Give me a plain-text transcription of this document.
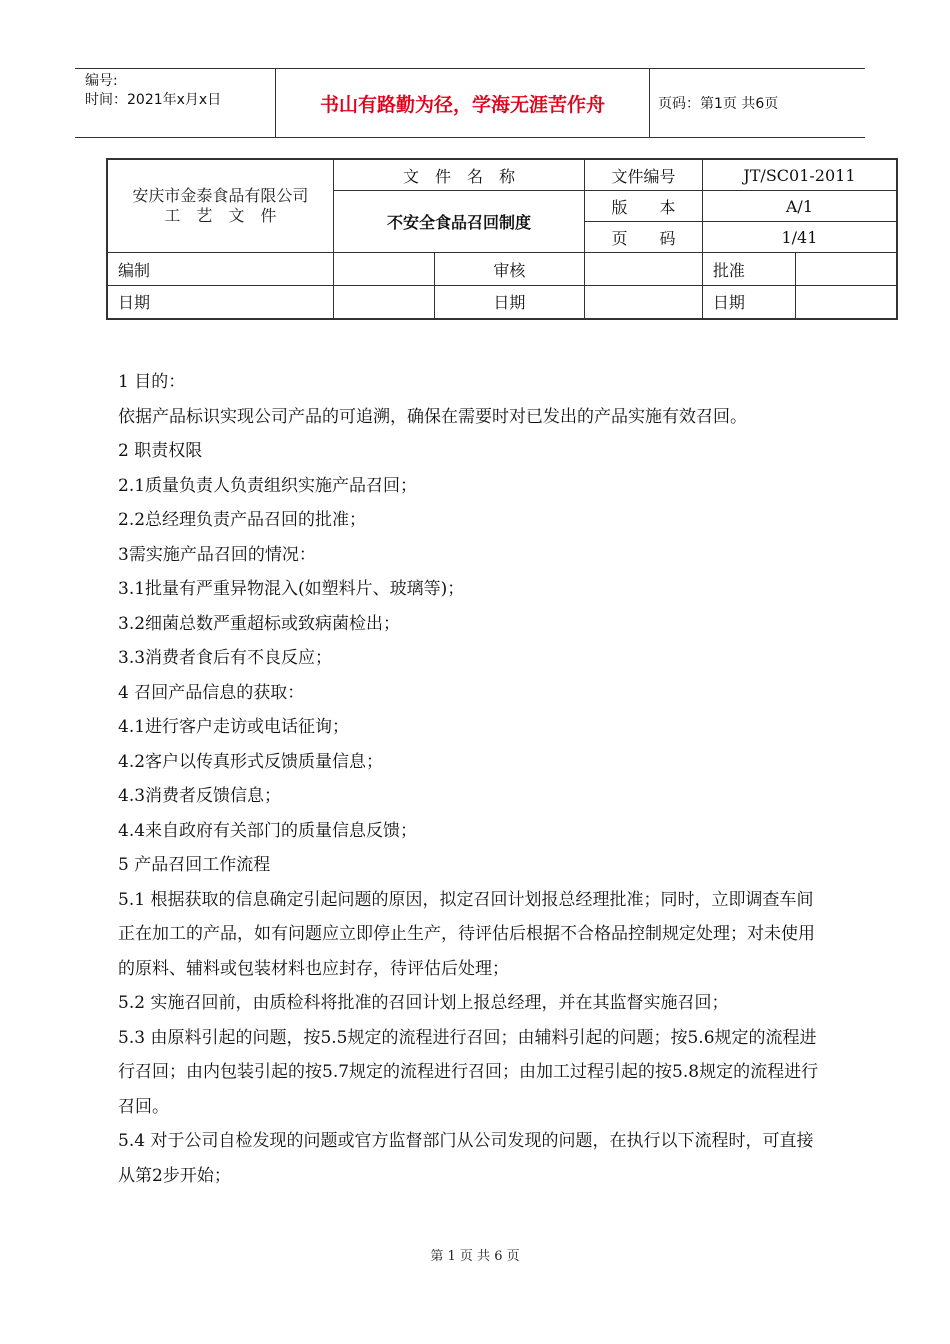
编号:
时间：2021年x月x日	书山有路勤为径，学海无涯苦作舟	页码：第1页 共6页
安庆市金泰食品有限公司
工　艺　文　件	文　件　名　称		文件编号	JT/SC01-2011	
	不安全食品召回制度		版　　本	A/1	
			页　　码	1/41	
编制		审核		批准	
日期		日期		日期	

1 目的：

依据产品标识实现公司产品的可追溯，确保在需要时对已发出的产品实施有效召回。

2 职责权限

2.1质量负责人负责组织实施产品召回；

2.2总经理负责产品召回的批准；

3需实施产品召回的情况：

3.1批量有严重异物混入(如塑料片、玻璃等)；

3.2细菌总数严重超标或致病菌检出；

3.3消费者食后有不良反应；

4 召回产品信息的获取：

4.1进行客户走访或电话征询；

4.2客户以传真形式反馈质量信息；

4.3消费者反馈信息；

4.4来自政府有关部门的质量信息反馈；

5 产品召回工作流程

5.1 根据获取的信息确定引起问题的原因，拟定召回计划报总经理批准；同时，立即调查车间正在加工的产品，如有问题应立即停止生产，待评估后根据不合格品控制规定处理；对未使用的原料、辅料或包装材料也应封存，待评估后处理；

5.2 实施召回前，由质检科将批准的召回计划上报总经理，并在其监督实施召回；

5.3 由原料引起的问题，按5.5规定的流程进行召回；由辅料引起的问题；按5.6规定的流程进行召回；由内包装引起的按5.7规定的流程进行召回；由加工过程引起的按5.8规定的流程进行召回。

5.4 对于公司自检发现的问题或官方监督部门从公司发现的问题，在执行以下流程时，可直接从第2步开始；

第 1 页 共 6 页
